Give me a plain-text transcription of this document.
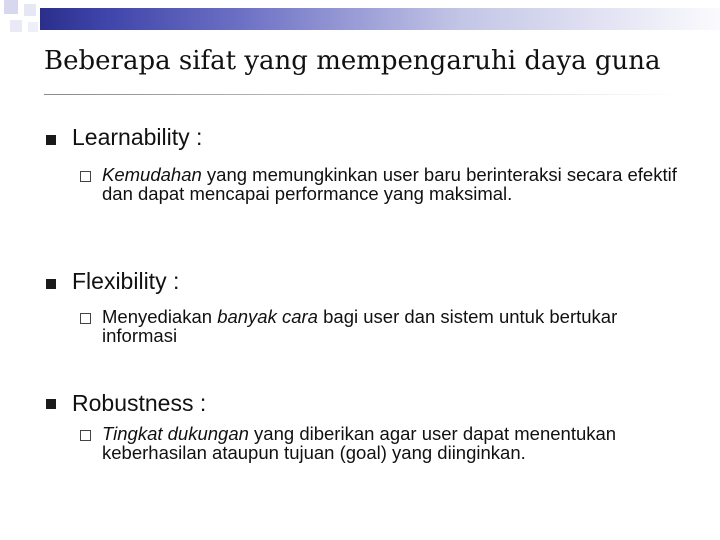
Beberapa sifat yang mempengaruhi daya guna
Learnability :
Kemudahan yang memungkinkan user baru berinteraksi secara efektif dan dapat mencapai performance yang maksimal.
Flexibility :
Menyediakan banyak cara bagi user dan sistem untuk bertukar informasi
Robustness :
Tingkat dukungan yang diberikan agar user dapat menentukan keberhasilan ataupun tujuan (goal) yang diinginkan.
